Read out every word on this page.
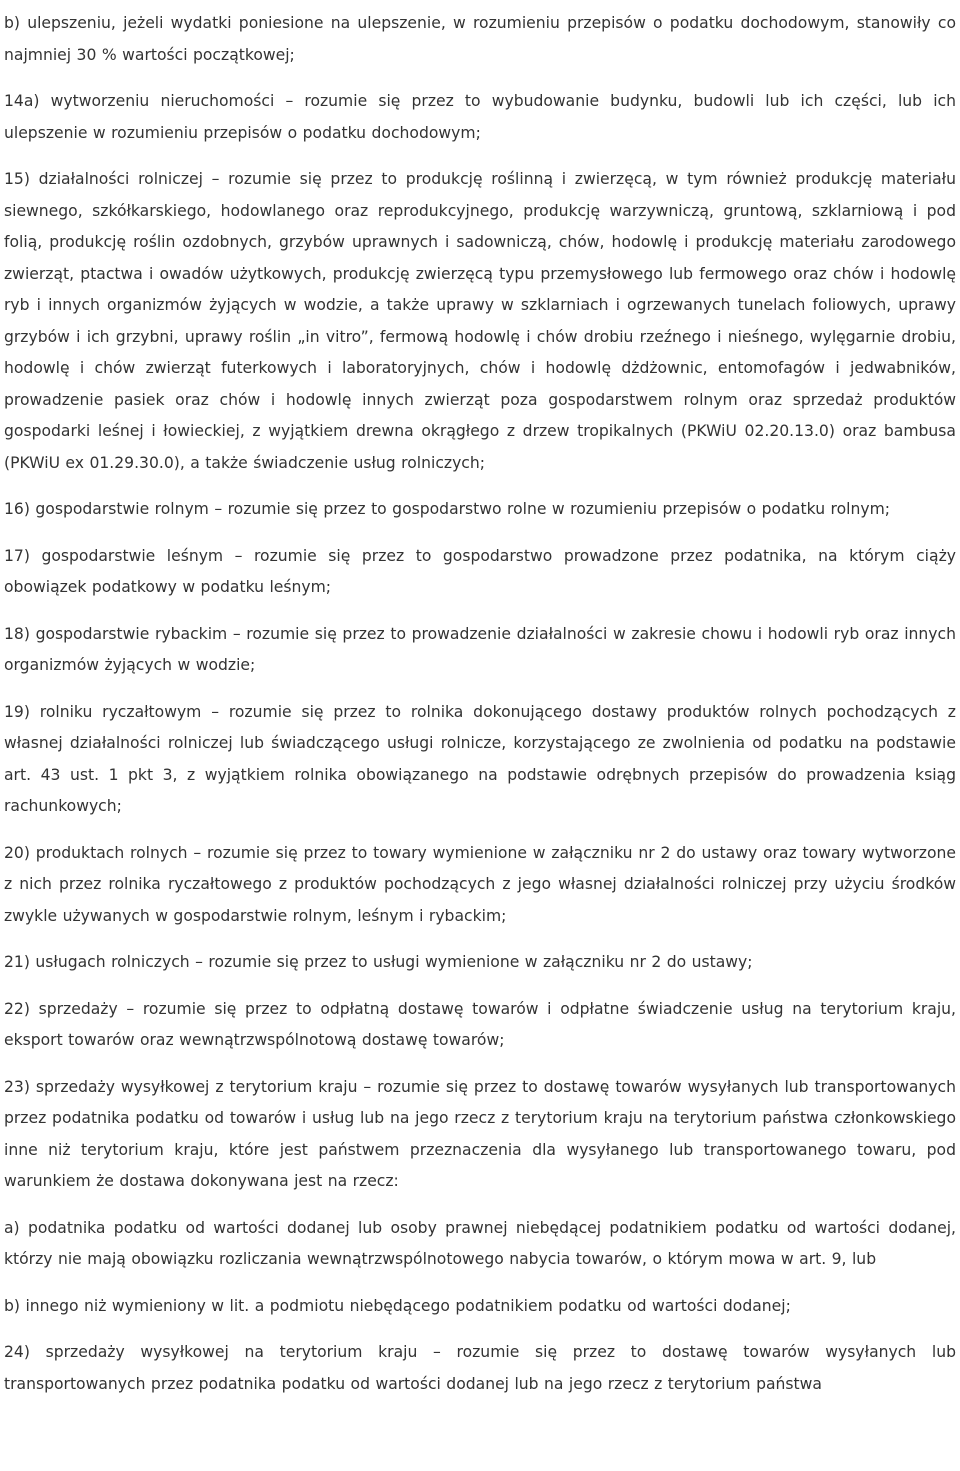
b) ulepszeniu, jeżeli wydatki poniesione na ulepszenie, w rozumieniu przepisów o podatku dochodowym, stanowiły co najmniej 30 % wartości początkowej;

14a) wytworzeniu nieruchomości – rozumie się przez to wybudowanie budynku, budowli lub ich części, lub ich ulepszenie w rozumieniu przepisów o podatku dochodowym;

15) działalności rolniczej – rozumie się przez to produkcję roślinną i zwierzęcą, w tym również produkcję materiału siewnego, szkółkarskiego, hodowlanego oraz reprodukcyjnego, produkcję warzywniczą, gruntową, szklarniową i pod folią, produkcję roślin ozdobnych, grzybów uprawnych i sadowniczą, chów, hodowlę i produkcję materiału zarodowego zwierząt, ptactwa i owadów użytkowych, produkcję zwierzęcą typu przemysłowego lub fermowego oraz chów i hodowlę ryb i innych organizmów żyjących w wodzie, a także uprawy w szklarniach i ogrzewanych tunelach foliowych, uprawy grzybów i ich grzybni, uprawy roślin „in vitro”, fermową hodowlę i chów drobiu rzeźnego i nieśnego, wylęgarnie drobiu, hodowlę i chów zwierząt futerkowych i laboratoryjnych, chów i hodowlę dżdżownic, entomofagów i jedwabników, prowadzenie pasiek oraz chów i hodowlę innych zwierząt poza gospodarstwem rolnym oraz sprzedaż produktów gospodarki leśnej i łowieckiej, z wyjątkiem drewna okrągłego z drzew tropikalnych (PKWiU 02.20.13.0) oraz bambusa (PKWiU ex 01.29.30.0), a także świadczenie usług rolniczych;

16) gospodarstwie rolnym – rozumie się przez to gospodarstwo rolne w rozumieniu przepisów o podatku rolnym;

17) gospodarstwie leśnym – rozumie się przez to gospodarstwo prowadzone przez podatnika, na którym ciąży obowiązek podatkowy w podatku leśnym;

18) gospodarstwie rybackim – rozumie się przez to prowadzenie działalności w zakresie chowu i hodowli ryb oraz innych organizmów żyjących w wodzie;

19) rolniku ryczałtowym – rozumie się przez to rolnika dokonującego dostawy produktów rolnych pochodzących z własnej działalności rolniczej lub świadczącego usługi rolnicze, korzystającego ze zwolnienia od podatku na podstawie art. 43 ust. 1 pkt 3, z wyjątkiem rolnika obowiązanego na podstawie odrębnych przepisów do prowadzenia ksiąg rachunkowych;

20) produktach rolnych – rozumie się przez to towary wymienione w załączniku nr 2 do ustawy oraz towary wytworzone z nich przez rolnika ryczałtowego z produktów pochodzących z jego własnej działalności rolniczej przy użyciu środków zwykle używanych w gospodarstwie rolnym, leśnym i rybackim;

21) usługach rolniczych – rozumie się przez to usługi wymienione w załączniku nr 2 do ustawy;

22) sprzedaży – rozumie się przez to odpłatną dostawę towarów i odpłatne świadczenie usług na terytorium kraju, eksport towarów oraz wewnątrzwspólnotową dostawę towarów;

23) sprzedaży wysyłkowej z terytorium kraju – rozumie się przez to dostawę towarów wysyłanych lub transportowanych przez podatnika podatku od towarów i usług lub na jego rzecz z terytorium kraju na terytorium państwa członkowskiego inne niż terytorium kraju, które jest państwem przeznaczenia dla wysyłanego lub transportowanego towaru, pod warunkiem że dostawa dokonywana jest na rzecz:

a) podatnika podatku od wartości dodanej lub osoby prawnej niebędącej podatnikiem podatku od wartości dodanej, którzy nie mają obowiązku rozliczania wewnątrzwspólnotowego nabycia towarów, o którym mowa w art. 9, lub

b) innego niż wymieniony w lit. a podmiotu niebędącego podatnikiem podatku od wartości dodanej;

24) sprzedaży wysyłkowej na terytorium kraju – rozumie się przez to dostawę towarów wysyłanych lub transportowanych przez podatnika podatku od wartości dodanej lub na jego rzecz z terytorium państwa
